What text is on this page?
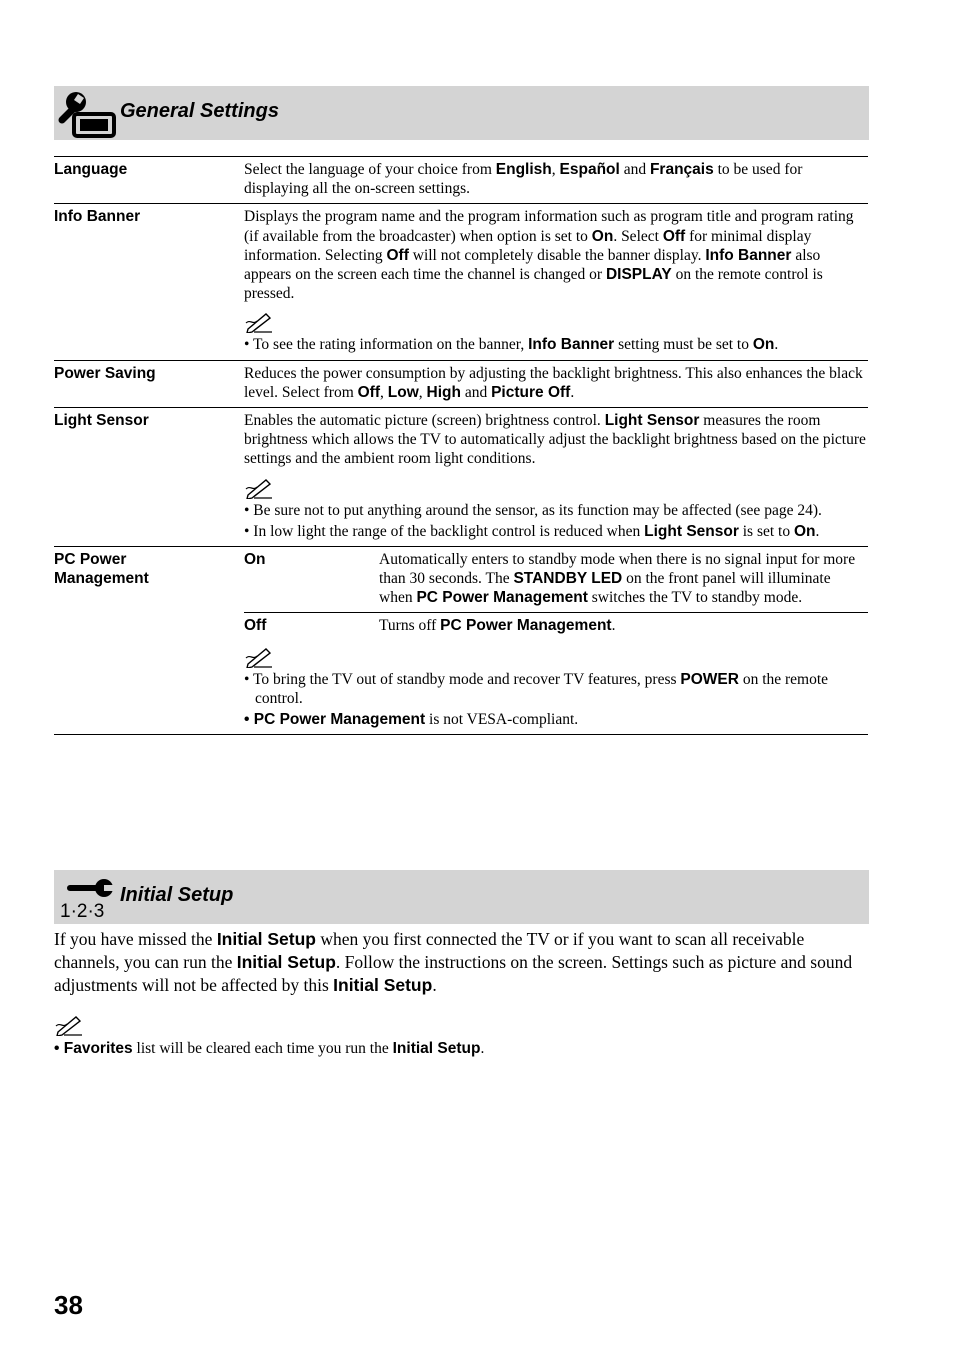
General Settings
Language	Select the language of your choice from English, Español and Français to be used for displaying all the on-screen settings.
Info Banner	Displays the program name and the program information such as program title and program rating (if available from the broadcaster) when option is set to On. Select Off for minimal display information. Selecting Off will not completely disable the banner display. Info Banner also appears on the screen each time the channel is changed or DISPLAY on the remote control is pressed.
• To see the rating information on the banner, Info Banner setting must be set to On.
Power Saving	Reduces the power consumption by adjusting the backlight brightness. This also enhances the black level. Select from Off, Low, High and Picture Off.
Light Sensor	Enables the automatic picture (screen) brightness control. Light Sensor measures the room brightness which allows the TV to automatically adjust the backlight brightness based on the picture settings and the ambient room light conditions.
• Be sure not to put anything around the sensor, as its function may be affected (see page 24).
• In low light the range of the backlight control is reduced when Light Sensor is set to On.
PC Power
Management
On	Automatically enters to standby mode when there is no signal input for more than 30 seconds. The STANDBY LED on the front panel will illuminate when PC Power Management switches the TV to standby mode.
Off	Turns off PC Power Management.
• To bring the TV out of standby mode and recover TV features, press POWER on the remote control.
• PC Power Management is not VESA-compliant.
1·2·3
Initial Setup
If you have missed the Initial Setup when you first connected the TV or if you want to scan all receivable channels, you can run the Initial Setup. Follow the instructions on the screen. Settings such as picture and sound adjustments will not be affected by this Initial Setup.
• Favorites list will be cleared each time you run the Initial Setup.
38
